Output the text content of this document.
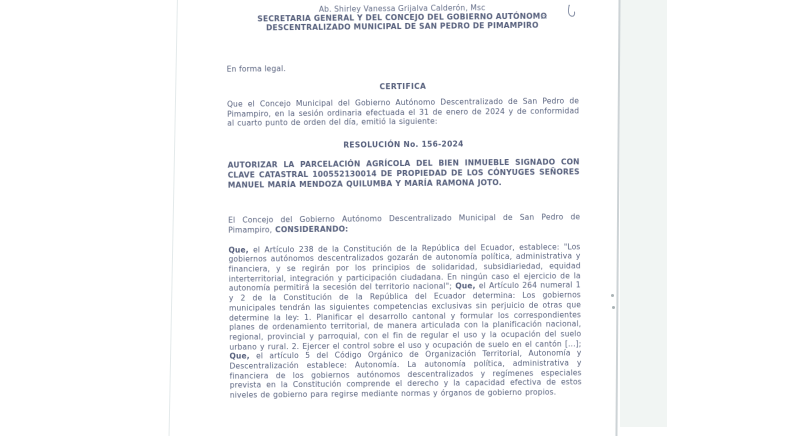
Ab. Shirley Vanessa Grijalva Calderón, Msc
SECRETARIA GENERAL Y DEL CONCEJO DEL GOBIERNO AUTÓNOMO
DESCENTRALIZADO MUNICIPAL DE SAN PEDRO DE PIMAMPIRO
En forma legal.
CERTIFICA
Que el Concejo Municipal del Gobierno Autónomo Descentralizado de San Pedro de Pimampiro, en la sesión ordinaria efectuada el 31 de enero de 2024 y de conformidad al cuarto punto de orden del día, emitió la siguiente:
RESOLUCIÓN No. 156-2024
AUTORIZAR LA PARCELACIÓN AGRÍCOLA DEL BIEN INMUEBLE SIGNADO CON CLAVE CATASTRAL 100552130014 DE PROPIEDAD DE LOS CÓNYUGES SEÑORES MANUEL MARÍA MENDOZA QUILUMBA Y MARÍA RAMONA JOTO.
El Concejo del Gobierno Autónomo Descentralizado Municipal de San Pedro de Pimampiro, CONSIDERANDO:
Que, el Artículo 238 de la Constitución de la República del Ecuador, establece: "Los gobiernos autónomos descentralizados gozarán de autonomía política, administrativa y financiera, y se regirán por los principios de solidaridad, subsidiariedad, equidad interterritorial, integración y participación ciudadana. En ningún caso el ejercicio de la autonomía permitirá la secesión del territorio nacional"; Que, el Artículo 264 numeral 1 y 2 de la Constitución de la República del Ecuador determina: Los gobiernos municipales tendrán las siguientes competencias exclusivas sin perjuicio de otras que determine la ley: 1. Planificar el desarrollo cantonal y formular los correspondientes planes de ordenamiento territorial, de manera articulada con la planificación nacional, regional, provincial y parroquial, con el fin de regular el uso y la ocupación del suelo urbano y rural. 2. Ejercer el control sobre el uso y ocupación de suelo en el cantón [...]; Que, el artículo 5 del Código Orgánico de Organización Territorial, Autonomía y Descentralización establece: Autonomía. La autonomía política, administrativa y financiera de los gobiernos autónomos descentralizados y regímenes especiales prevista en la Constitución comprende el derecho y la capacidad efectiva de estos niveles de gobierno para regirse mediante normas y órganos de gobierno propios.
